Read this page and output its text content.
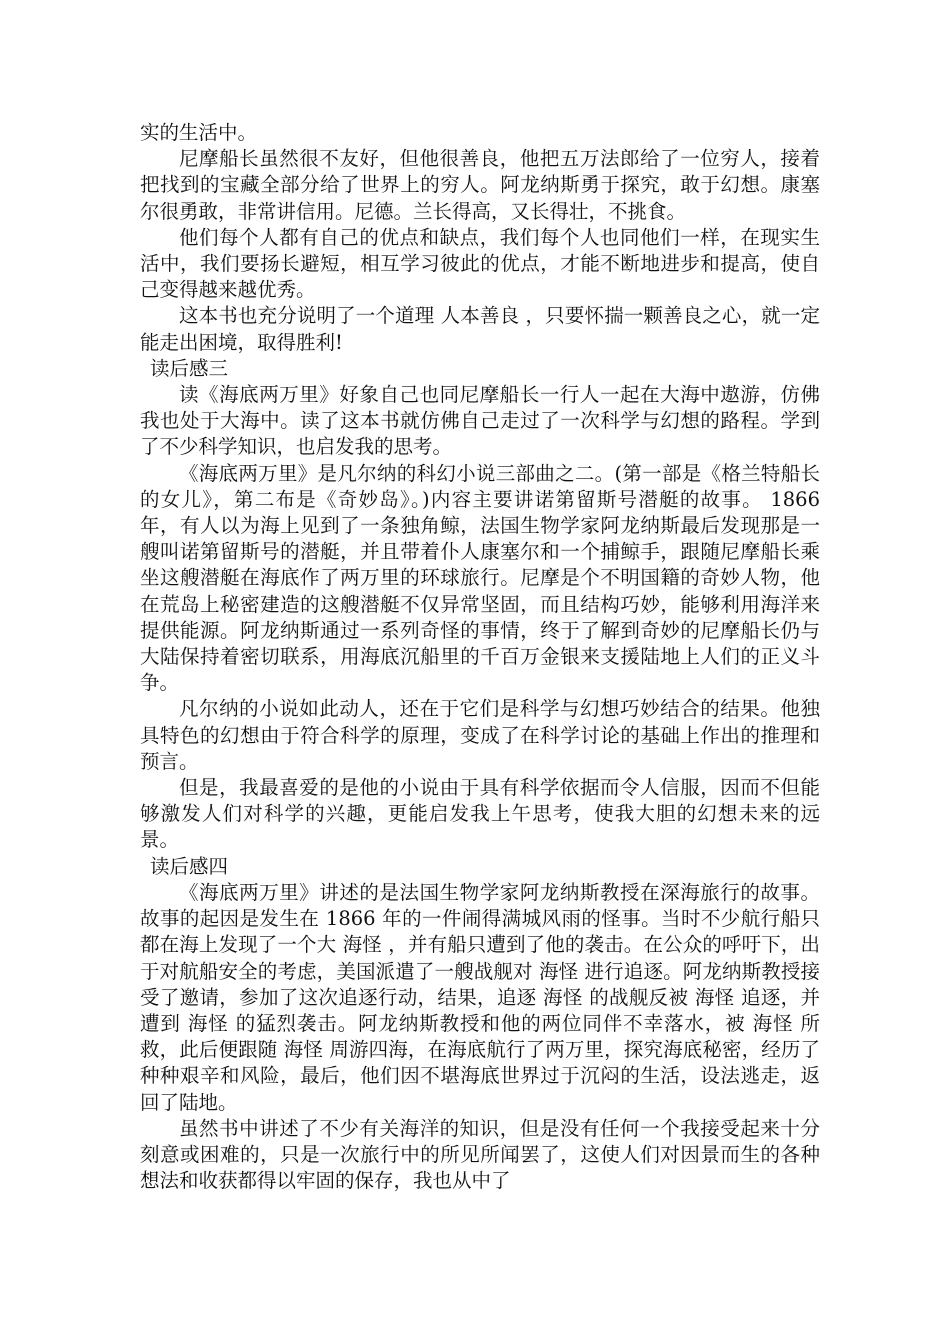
实的生活中。

尼摩船长虽然很不友好，但他很善良，他把五万法郎给了一位穷人，接着把找到的宝藏全部分给了世界上的穷人。阿龙纳斯勇于探究，敢于幻想。康塞尔很勇敢，非常讲信用。尼德。兰长得高，又长得壮，不挑食。

他们每个人都有自己的优点和缺点，我们每个人也同他们一样，在现实生活中，我们要扬长避短，相互学习彼此的优点，才能不断地进步和提高，使自己变得越来越优秀。

这本书也充分说明了一个道理 人本善良 ，只要怀揣一颗善良之心，就一定能走出困境，取得胜利!

读后感三

读《海底两万里》好象自己也同尼摩船长一行人一起在大海中遨游，仿佛我也处于大海中。读了这本书就仿佛自己走过了一次科学与幻想的路程。学到了不少科学知识，也启发我的思考。

《海底两万里》是凡尔纳的科幻小说三部曲之二。(第一部是《格兰特船长的女儿》，第二布是《奇妙岛》。)内容主要讲诺第留斯号潜艇的故事。 1866 年，有人以为海上见到了一条独角鲸，法国生物学家阿龙纳斯最后发现那是一艘叫诺第留斯号的潜艇，并且带着仆人康塞尔和一个捕鲸手，跟随尼摩船长乘坐这艘潜艇在海底作了两万里的环球旅行。尼摩是个不明国籍的奇妙人物，他在荒岛上秘密建造的这艘潜艇不仅异常坚固，而且结构巧妙，能够利用海洋来提供能源。阿龙纳斯通过一系列奇怪的事情，终于了解到奇妙的尼摩船长仍与大陆保持着密切联系，用海底沉船里的千百万金银来支援陆地上人们的正义斗争。

凡尔纳的小说如此动人，还在于它们是科学与幻想巧妙结合的结果。他独具特色的幻想由于符合科学的原理，变成了在科学讨论的基础上作出的推理和预言。

但是，我最喜爱的是他的小说由于具有科学依据而令人信服，因而不但能够激发人们对科学的兴趣，更能启发我上午思考，使我大胆的幻想未来的远景。

读后感四

《海底两万里》讲述的是法国生物学家阿龙纳斯教授在深海旅行的故事。故事的起因是发生在 1866 年的一件闹得满城风雨的怪事。当时不少航行船只都在海上发现了一个大 海怪 ，并有船只遭到了他的袭击。在公众的呼吁下，出于对航船安全的考虑，美国派遣了一艘战舰对 海怪 进行追逐。阿龙纳斯教授接受了邀请，参加了这次追逐行动，结果，追逐 海怪 的战舰反被 海怪 追逐，并遭到 海怪 的猛烈袭击。阿龙纳斯教授和他的两位同伴不幸落水，被 海怪 所救，此后便跟随 海怪 周游四海，在海底航行了两万里，探究海底秘密，经历了种种艰辛和风险，最后，他们因不堪海底世界过于沉闷的生活，设法逃走，返回了陆地。

虽然书中讲述了不少有关海洋的知识，但是没有任何一个我接受起来十分刻意或困难的，只是一次旅行中的所见所闻罢了，这使人们对因景而生的各种想法和收获都得以牢固的保存，我也从中了
